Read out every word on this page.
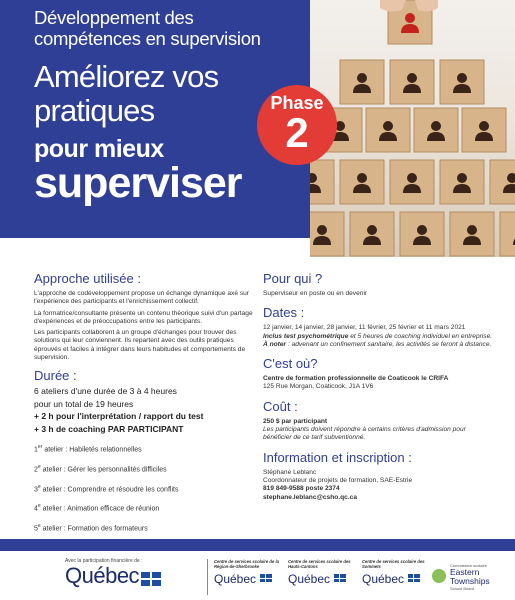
Développement des
compétences en supervision
Améliorez vos
pratiques
pour mieux
superviser
Phase
2
Approche utilisée :

L'approche de codéveloppement propose un échange dynamique axé sur l'expérience des participants et l'enrichissement collectif.

La formatrice/consultante présente un contenu théorique suivi d'un partage d'expériences et de préoccupations entre les participants.

Les participants collaborent à un groupe d'échanges pour trouver des solutions qui leur conviennent. Ils repartent avec des outils pratiques éprouvés et faciles à intégrer dans leurs habitudes et comportements de supervision.

Durée :
6 ateliers d'une durée de 3 à 4 heures
pour un total de 19 heures
+ 2 h pour l'interprétation / rapport du test
+ 3 h de coaching PAR PARTICIPANT
1er atelier : Habiletés relationnelles
2e atelier : Gérer les personnalités difficiles
3e atelier : Comprendre et résoudre les conflits
4e atelier : Animation efficace de réunion
5e atelier : Formation des formateurs
Pour qui ?

Superviseur en poste ou en devenir

Dates :

12 janvier, 14 janvier, 28 janvier, 11 février, 25 février et 11 mars 2021

Inclus test psychométrique et 5 heures de coaching individuel en entreprise.

À noter : advenant un confinement sanitaire, les activités se feront à distance.

C'est où?

Centre de formation professionnelle de Coaticook le CRIFA

125 Rue Morgan, Coaticook, J1A 1V6

Coût :

250 $ par participant

Les participants doivent répondre à certains critères d'admission pour bénéficier de ce tarif subventionné.

Information et inscription :

Stéphane Leblanc

Coordonnateur de projets de formation, SAE-Estrie

819 849-9588 poste 2374

stephane.leblanc@csho.qc.ca

Avec la participation financière de :
Québec
Centre de services scolaire de la Région-de-Sherbrooke
Québec
Centre de services scolaire des Hauts-Cantons
Québec
Centre de services scolaire des Sommets
Québec
Commission scolaire
Eastern Townships
School Board
